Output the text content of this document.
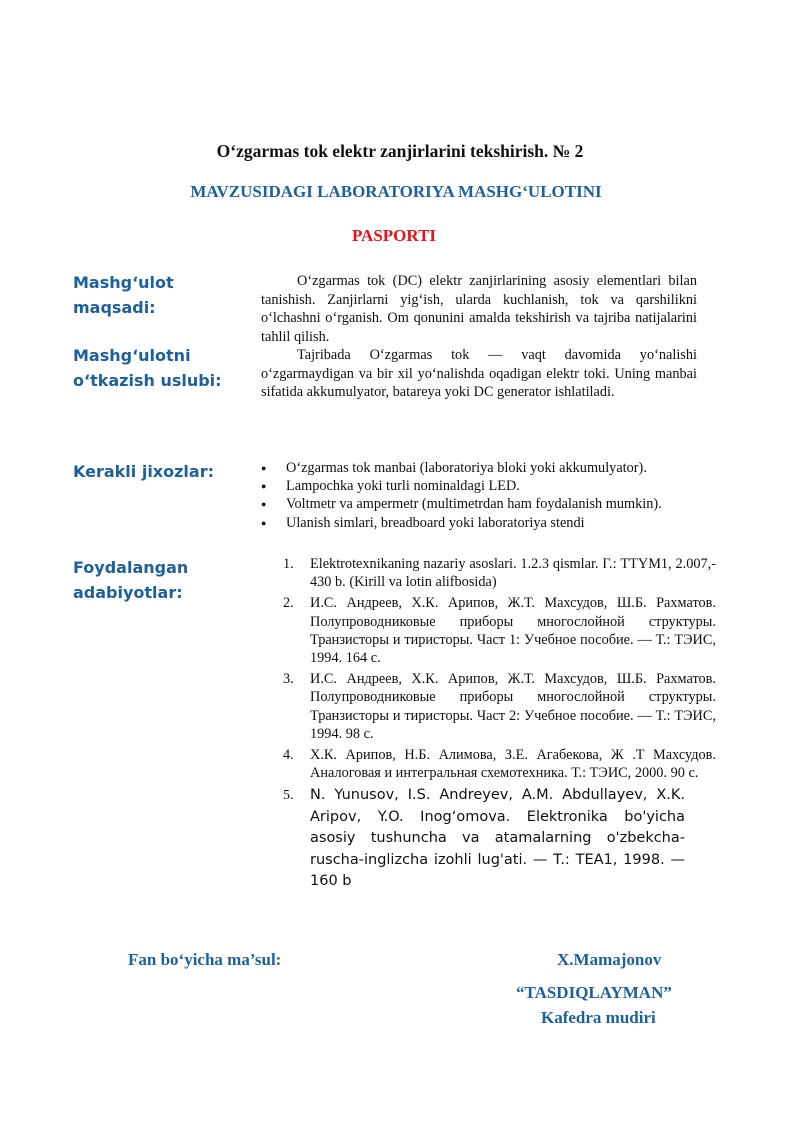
O‘zgarmas tok elektr zanjirlarini tekshirish. № 2
MAVZUSIDAGI LABORATORIYA MASHG‘ULOTINI
PASPORTI
Mashg‘ulot
maqsadi:
Mashg‘ulotni
o‘tkazish uslubi:
Kerakli jixozlar:
Foydalangan
adabiyotlar:

O‘zgarmas tok (DC) elektr zanjirlarining asosiy elementlari bilan tanishish. Zanjirlarni yig‘ish, ularda kuchlanish, tok va qarshilikni o‘lchashni o‘rganish. Om qonunini amalda tekshirish va tajriba natijalarini tahlil qilish.

Tajribada O‘zgarmas tok — vaqt davomida yo‘nalishi o‘zgarmaydigan va bir xil yo‘nalishda oqadigan elektr toki. Uning manbai sifatida akkumulyator, batareya yoki DC generator ishlatiladi.

● O‘zgarmas tok manbai (laboratoriya bloki yoki akkumulyator).
● Lampochka yoki turli nominaldagi LED.
● Voltmetr va ampermetr (multimetrdan ham foydalanish mumkin).
● Ulanish simlari, breadboard yoki laboratoriya stendi
1. Elektrotexnikaning nazariy asoslari. 1.2.3 qismlar. Г.: TTYM1, 2.007,- 430 b. (Kirill va lotin alifbosida)
2. И.С. Андреев, Х.К. Арипов, Ж.Т. Махсудов, Ш.Б. Рахматов. Полупроводниковые приборы многослойной структуры. Транзисторы и тиристоры. Част 1: Учебное пособие. — Т.: ТЭИС, 1994. 164 с.
3. И.С. Андреев, Х.К. Арипов, Ж.Т. Махсудов, Ш.Б. Рахматов. Полупроводниковые приборы многослойной структуры. Транзисторы и тиристоры. Част 2: Учебное пособие. — Т.: ТЭИС, 1994. 98 с.
4. Х.К. Арипов, Н.Б. Алимова, З.Е. Агабекова, Ж .Т Махсудов. Аналоговая и интегральная схемотехника. Т.: ТЭИС, 2000. 90 с.
5. N. Yunusov, I.S. Andreyev, A.M. Abdullayev, X.K. Aripov, Y.O. Inog‘omova. Elektronika bo'yicha asosiy tushuncha va atamalarning o'zbekcha-ruscha-inglizcha izohli lug'ati. — T.: TEA1, 1998. — 160 b
Fan bo‘yicha ma’sul:	X.Mamajonov
“TASDIQLAYMAN”
Kafedra mudiri
